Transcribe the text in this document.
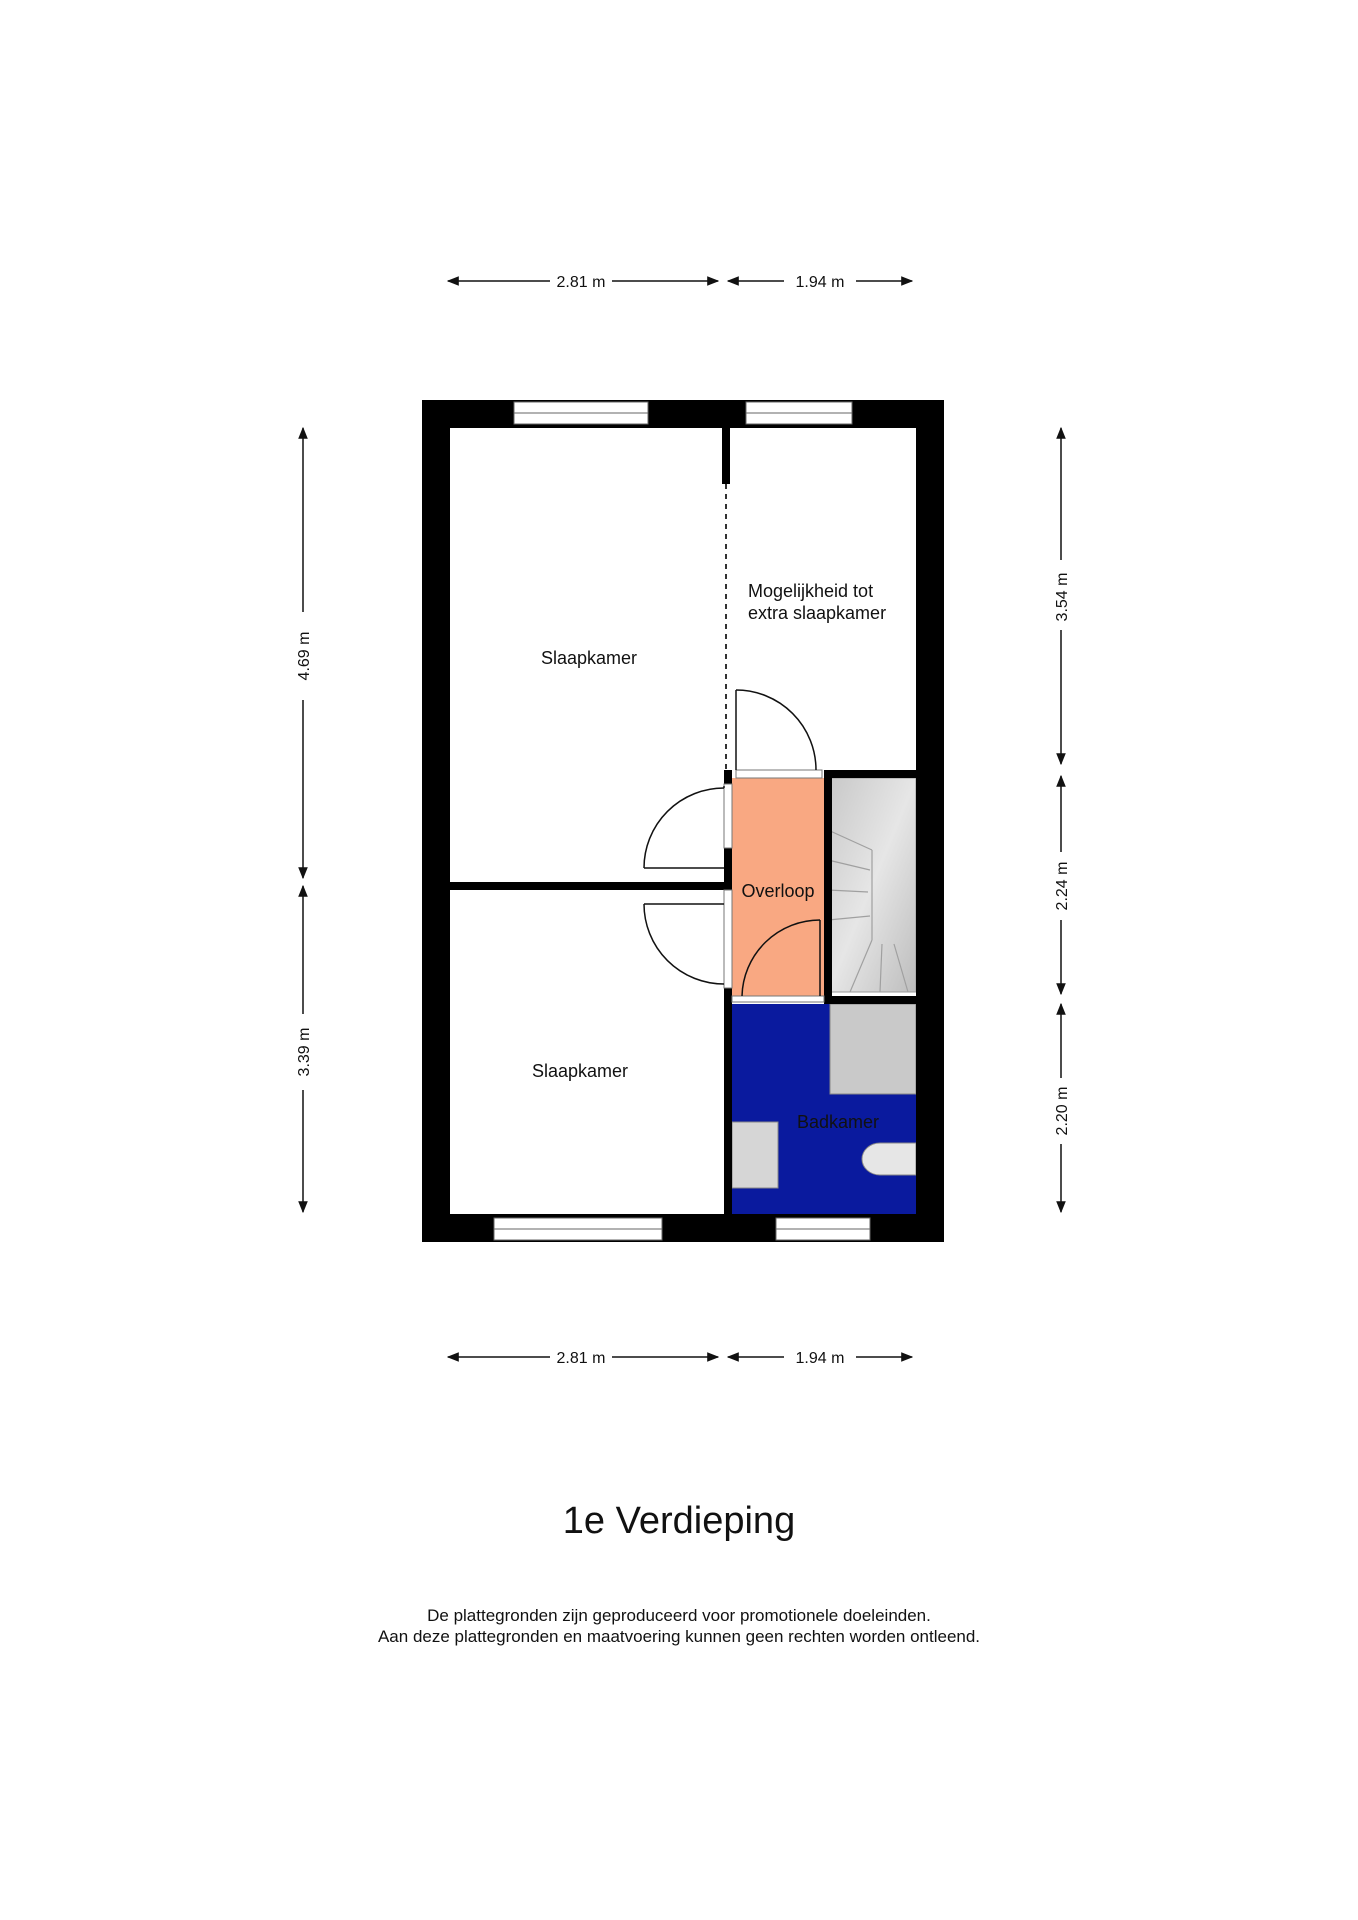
2.81 m	1.94 m
2.81 m	1.94 m
4.69 m
3.39 m
3.54 m
2.24 m
2.20 m
Slaapkamer
Slaapkamer
Mogelijkheid tot
extra slaapkamer
Overloop
Badkamer
1e Verdieping
De plattegronden zijn geproduceerd voor promotionele doeleinden.
Aan deze plattegronden en maatvoering kunnen geen rechten worden ontleend.
